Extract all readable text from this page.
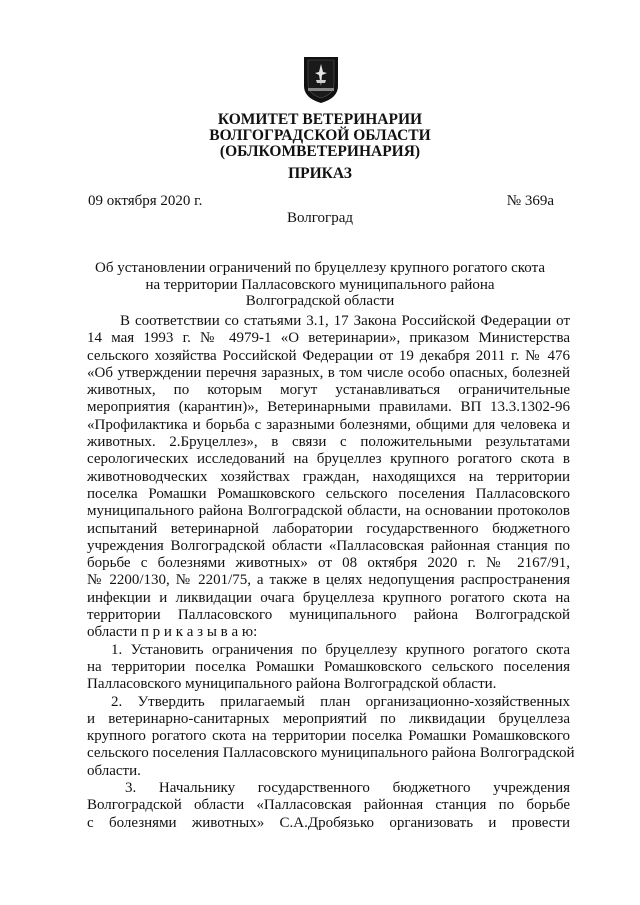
КОМИТЕТ ВЕТЕРИНАРИИ
ВОЛГОГРАДСКОЙ ОБЛАСТИ
(ОБЛКОМВЕТЕРИНАРИЯ)
ПРИКАЗ
09 октября 2020 г.	№ 369а
Волгоград
Об установлении ограничений по бруцеллезу крупного рогатого скота
на территории Палласовского муниципального района
Волгоградской области
В соответствии со статьями 3.1, 17 Закона Российской Федерации от
14 мая 1993 г. № 4979-1 «О ветеринарии», приказом Министерства
сельского хозяйства Российской Федерации от 19 декабря 2011 г. № 476
«Об утверждении перечня заразных, в том числе особо опасных, болезней
животных, по которым могут устанавливаться ограничительные
мероприятия (карантин)», Ветеринарными правилами. ВП 13.3.1302-96
«Профилактика и борьба с заразными болезнями, общими для человека и
животных. 2.Бруцеллез», в связи с положительными результатами
серологических исследований на бруцеллез крупного рогатого скота в
животноводческих хозяйствах граждан, находящихся на территории
поселка Ромашки Ромашковского сельского поселения Палласовского
муниципального района Волгоградской области, на основании протоколов
испытаний ветеринарной лаборатории государственного бюджетного
учреждения Волгоградской области «Палласовская районная станция по
борьбе с болезнями животных» от 08 октября 2020 г. № 2167/91,
№ 2200/130, № 2201/75, а также в целях недопущения распространения
инфекции и ликвидации очага бруцеллеза крупного рогатого скота на
территории Палласовского муниципального района Волгоградской
области п р и к а з ы в а ю:
1. Установить ограничения по бруцеллезу крупного рогатого скота
на территории поселка Ромашки Ромашковского сельского поселения
Палласовского муниципального района Волгоградской области.
2. Утвердить прилагаемый план организационно-хозяйственных
и ветеринарно-санитарных мероприятий по ликвидации бруцеллеза
крупного рогатого скота на территории поселка Ромашки Ромашковского
сельского поселения Палласовского муниципального района Волгоградской
области.
3. Начальнику государственного бюджетного учреждения
Волгоградской области «Палласовская районная станция по борьбе
с болезнями животных» С.А.Дробязько организовать и провести
